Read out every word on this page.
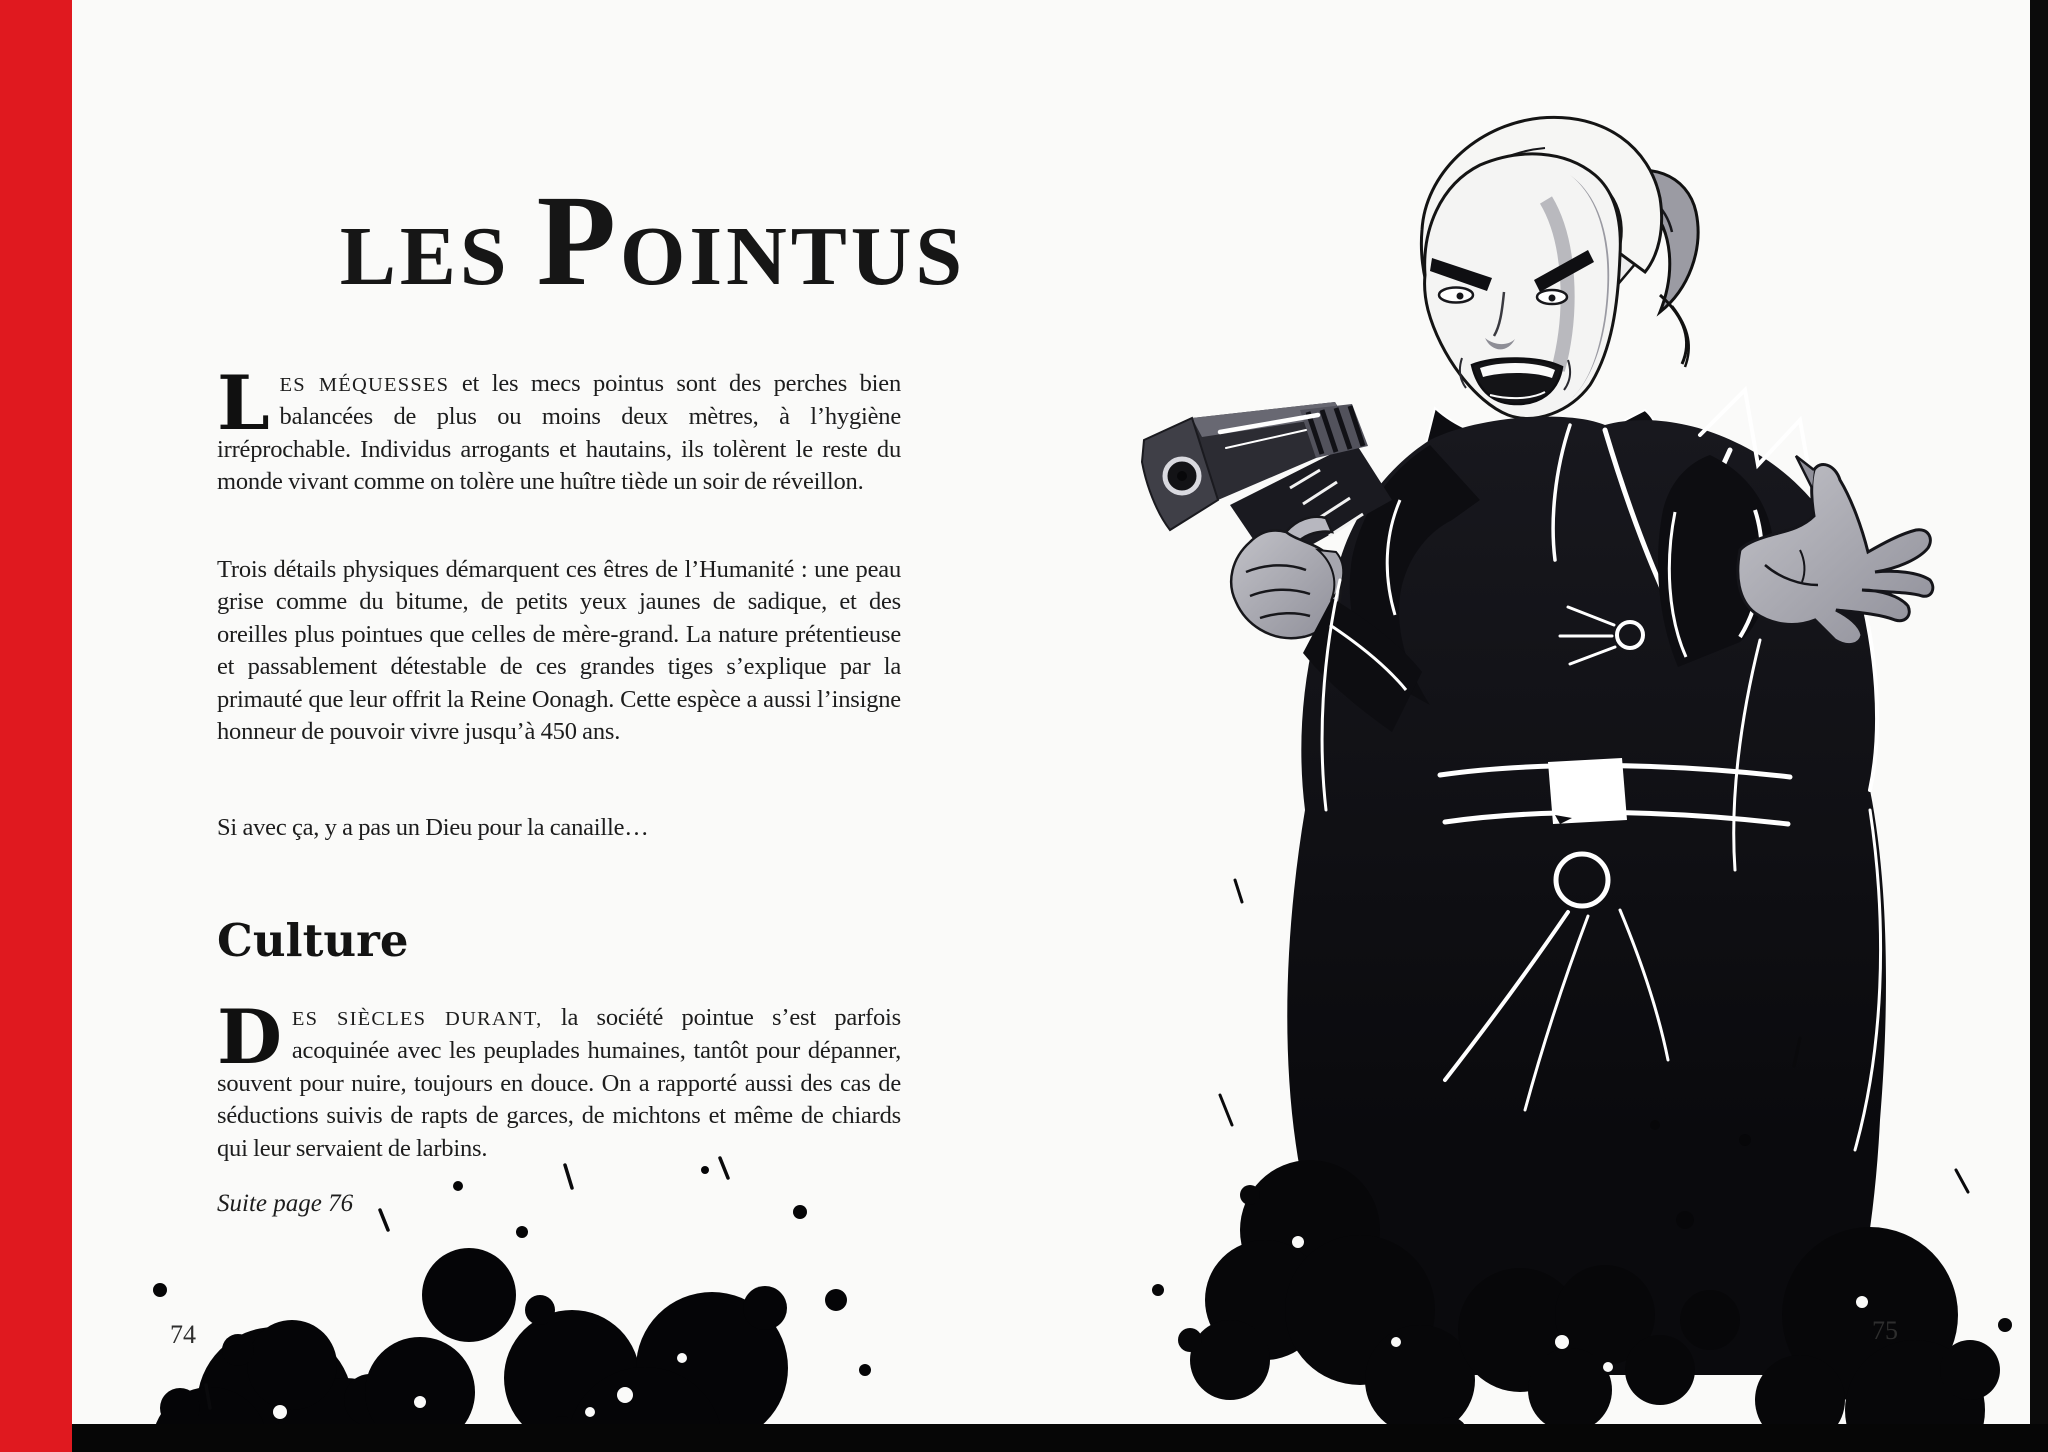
LES POINTUS
LES MÉQUESSES et les mecs pointus sont des perches bien balancées de plus ou moins deux mètres, à l’hygiène irréprochable. Individus arrogants et hautains, ils tolèrent le reste du monde vivant comme on tolère une huître tiède un soir de réveillon.
Trois détails physiques démarquent ces êtres de l’Humanité : une peau grise comme du bitume, de petits yeux jaunes de sadique, et des oreilles plus pointues que celles de mère-grand. La nature prétentieuse et passablement détestable de ces grandes tiges s’explique par la primauté que leur offrit la Reine Oonagh. Cette espèce a aussi l’insigne honneur de pouvoir vivre jusqu’à 450 ans.
Si avec ça, y a pas un Dieu pour la canaille…
Culture
DES SIÈCLES DURANT, la société pointue s’est parfois acoquinée avec les peuplades humaines, tantôt pour dépanner, souvent pour nuire, toujours en douce. On a rapporté aussi des cas de séductions suivis de rapts de garces, de michtons et même de chiards qui leur servaient de larbins.
Suite page 76
74	75
